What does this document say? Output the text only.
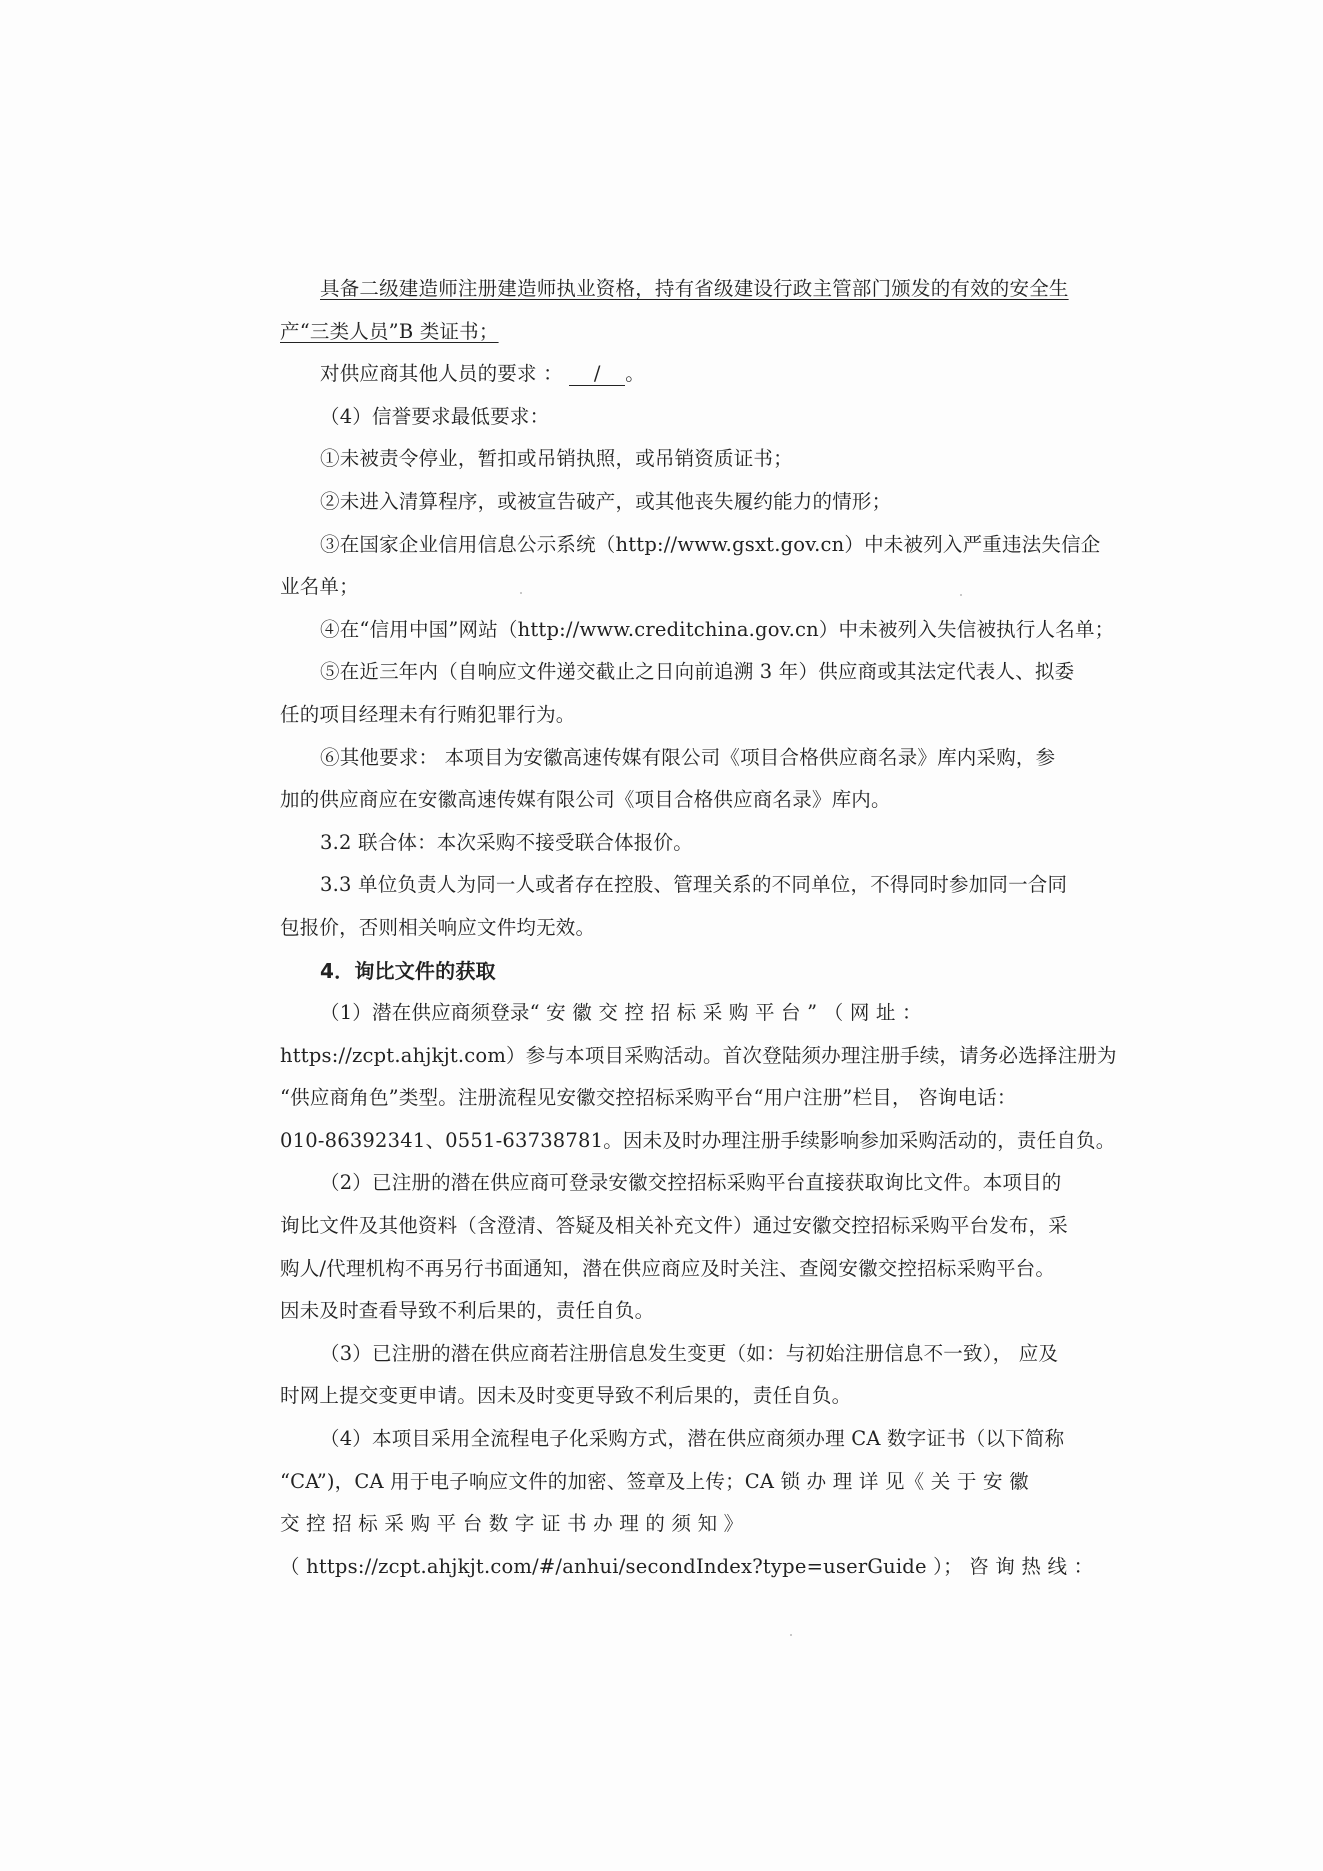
具备二级建造师注册建造师执业资格，持有省级建设行政主管部门颁发的有效的安全生
产“三类人员”B 类证书；
对供应商其他人员的要求 ： / 。
（4）信誉要求最低要求：
①未被责令停业，暂扣或吊销执照，或吊销资质证书；
②未进入清算程序，或被宣告破产，或其他丧失履约能力的情形；
③在国家企业信用信息公示系统（http://www.gsxt.gov.cn）中未被列入严重违法失信企
业名单；
④在“信用中国”网站（http://www.creditchina.gov.cn）中未被列入失信被执行人名单；
⑤在近三年内（自响应文件递交截止之日向前追溯 3 年）供应商或其法定代表人、拟委
任的项目经理未有行贿犯罪行为。
⑥其他要求： 本项目为安徽高速传媒有限公司《项目合格供应商名录》库内采购，参
加的供应商应在安徽高速传媒有限公司《项目合格供应商名录》库内。
3.2 联合体：本次采购不接受联合体报价。
3.3 单位负责人为同一人或者存在控股、管理关系的不同单位，不得同时参加同一合同
包报价，否则相关响应文件均无效。
4．询比文件的获取
（1）潜在供应商须登录“ 安 徽 交 控 招 标 采 购 平 台 ” （ 网 址 ：
https://zcpt.ahjkjt.com）参与本项目采购活动。首次登陆须办理注册手续，请务必选择注册为
“供应商角色”类型。注册流程见安徽交控招标采购平台“用户注册”栏目， 咨询电话：
010-86392341、0551-63738781。因未及时办理注册手续影响参加采购活动的，责任自负。
（2）已注册的潜在供应商可登录安徽交控招标采购平台直接获取询比文件。本项目的
询比文件及其他资料（含澄清、答疑及相关补充文件）通过安徽交控招标采购平台发布，采
购人/代理机构不再另行书面通知，潜在供应商应及时关注、查阅安徽交控招标采购平台。
因未及时查看导致不利后果的，责任自负。
（3）已注册的潜在供应商若注册信息发生变更（如：与初始注册信息不一致）， 应及
时网上提交变更申请。因未及时变更导致不利后果的，责任自负。
（4）本项目采用全流程电子化采购方式，潜在供应商须办理 CA 数字证书（以下简称
“CA”)，CA 用于电子响应文件的加密、签章及上传；CA 锁 办 理 详 见《 关 于 安 徽
交 控 招 标 采 购 平 台 数 字 证 书 办 理 的 须 知 》
（ https://zcpt.ahjkjt.com/#/anhui/secondIndex?type=userGuide ）； 咨 询 热 线 ：
